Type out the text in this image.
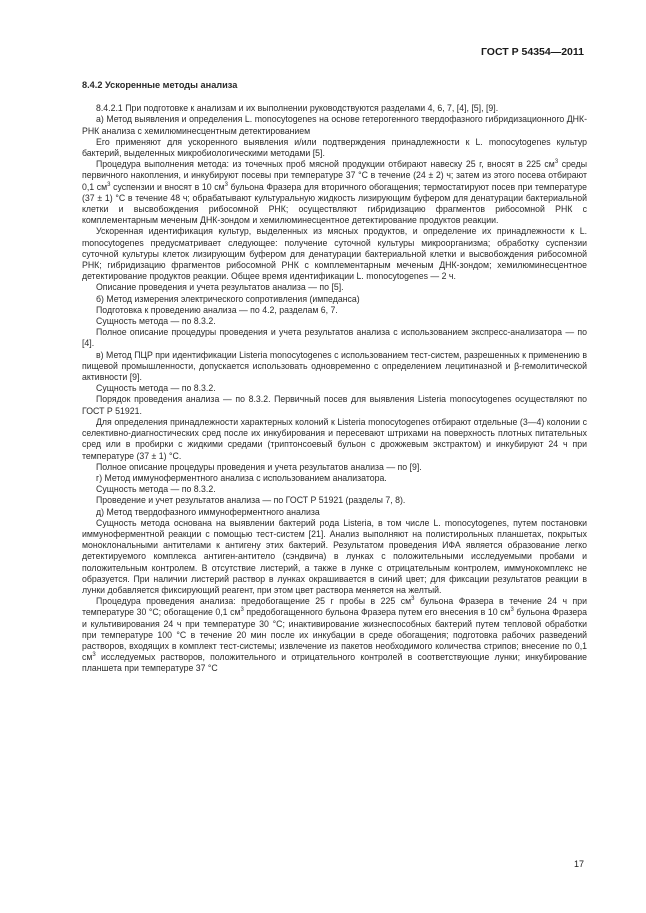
ГОСТ Р 54354—2011
8.4.2 Ускоренные методы анализа

8.4.2.1 При подготовке к анализам и их выполнении руководствуются разделами 4, 6, 7, [4], [5], [9].

а) Метод выявления и определения L. monocytogenes на основе гетерогенного твердофазного гибридизационного ДНК-РНК анализа с хемилюминесцентным детектированием

Его применяют для ускоренного выявления и/или подтверждения принадлежности к L. monocytogenes культур бактерий, выделенных микробиологическими методами [5].

Процедура выполнения метода: из точечных проб мясной продукции отбирают навеску 25 г, вносят в 225 $см^3$ среды первичного накопления, и инкубируют посевы при температуре 37 °C в течение (24 ± 2) ч; затем из этого посева отбирают 0,1 $см^3$ суспензии и вносят в 10 $см^3$ бульона Фразера для вторичного обогащения; термостатируют посев при температуре (37 ± 1) °C в течение 48 ч; обрабатывают культуральную жидкость лизирующим буфером для денатурации бактериальной клетки и высвобождения рибосомной РНК; осуществляют гибридизацию фрагментов рибосомной РНК с комплементарным меченым ДНК-зондом и хемилюминесцентное детектирование продуктов реакции.

Ускоренная идентификация культур, выделенных из мясных продуктов, и определение их принадлежности к L. monocytogenes предусматривает следующее: получение суточной культуры микроорганизма; обработку суспензии суточной культуры клеток лизирующим буфером для денатурации бактериальной клетки и высвобождения рибосомной РНК; гибридизацию фрагментов рибосомной РНК с комплементарным меченым ДНК-зондом; хемилюминесцентное детектирование продуктов реакции. Общее время идентификации L. monocytogenes — 2 ч.

Описание проведения и учета результатов анализа — по [5].

б) Метод измерения электрического сопротивления (импеданса)

Подготовка к проведению анализа — по 4.2, разделам 6, 7.

Сущность метода — по 8.3.2.

Полное описание процедуры проведения и учета результатов анализа с использованием экспресс-анализатора — по [4].

в) Метод ПЦР при идентификации Listeria monocytogenes с использованием тест-систем, разрешенных к применению в пищевой промышленности, допускается использовать одновременно с определением лецитиназной и β-гемолитической активности [9].

Сущность метода — по 8.3.2.

Порядок проведения анализа — по 8.3.2. Первичный посев для выявления Listeria monocytogenes осуществляют по ГОСТ Р 51921.

Для определения принадлежности характерных колоний к Listeria monocytogenes отбирают отдельные (3—4) колонии с селективно-диагностических сред после их инкубирования и пересевают штрихами на поверхность плотных питательных сред или в пробирки с жидкими средами (триптонсоевый бульон с дрожжевым экстрактом) и инкубируют 24 ч при температуре (37 ± 1) °C.

Полное описание процедуры проведения и учета результатов анализа — по [9].

г) Метод иммуноферментного анализа с использованием анализатора.

Сущность метода — по 8.3.2.

Проведение и учет результатов анализа — по ГОСТ Р 51921 (разделы 7, 8).

д) Метод твердофазного иммуноферментного анализа

Сущность метода основана на выявлении бактерий рода Listeria, в том числе L. monocytogenes, путем постановки иммуноферментной реакции с помощью тест-систем [21]. Анализ выполняют на полистирольных планшетах, покрытых моноклональными антителами к антигену этих бактерий. Результатом проведения ИФА является образование легко детектируемого комплекса антиген-антитело (сэндвича) в лунках с положительными исследуемыми пробами и положительным контролем. В отсутствие листерий, а также в лунке с отрицательным контролем, иммунокомплекс не образуется. При наличии листерий раствор в лунках окрашивается в синий цвет; для фиксации результатов реакции в лунки добавляется фиксирующий реагент, при этом цвет раствора меняется на желтый.

Процедура проведения анализа: предобогащение 25 г пробы в 225 $см^3$ бульона Фразера в течение 24 ч при температуре 30 °C; обогащение 0,1 $см^3$ предобогащенного бульона Фразера путем его внесения в 10 $см^3$ бульона Фразера и культивирования 24 ч при температуре 30 °C; инактивирование жизнеспособных бактерий путем тепловой обработки при температуре 100 °C в течение 20 мин после их инкубации в среде обогащения; подготовка рабочих разведений растворов, входящих в комплект тест-системы; извлечение из пакетов необходимого количества стрипов; внесение по 0,1 $см^3$ исследуемых растворов, положительного и отрицательного контролей в соответствующие лунки; инкубирование планшета при температуре 37 °C

17
